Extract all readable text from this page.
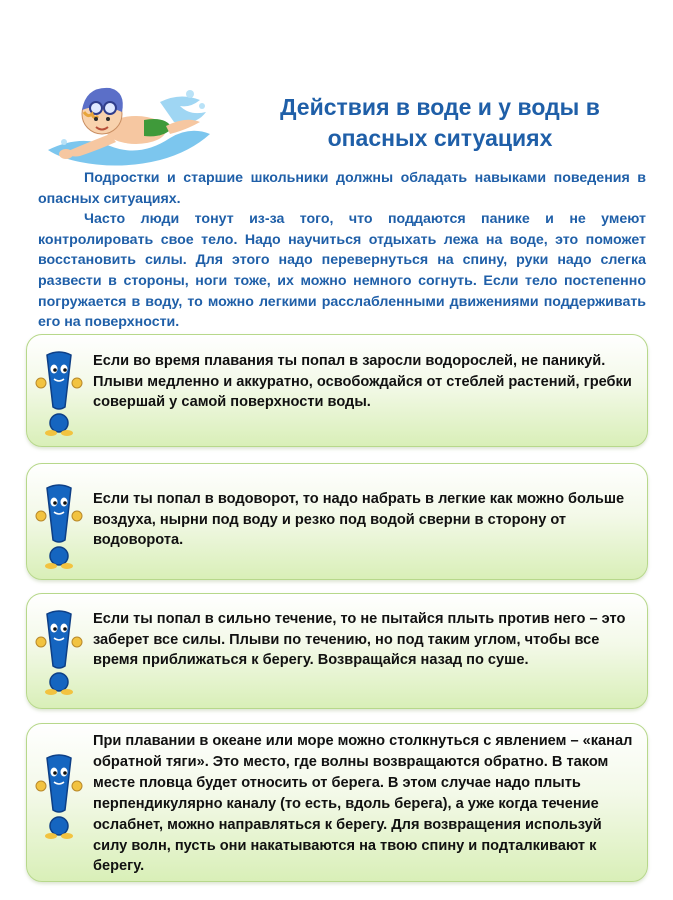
Действия в воде и у воды в опасных ситуациях

Подростки и старшие школьники должны обладать навыками поведения в опасных ситуациях.

Часто люди тонут из-за того, что поддаются панике и не умеют контролировать свое тело. Надо научиться отдыхать лежа на воде, это поможет восстановить силы. Для этого надо перевернуться на спину, руки надо слегка развести в стороны, ноги тоже, их можно немного согнуть. Если тело постепенно погружается в воду, то можно легкими расслабленными движениями поддерживать его на поверхности.

Если во время плавания ты попал в заросли водорослей, не паникуй. Плыви медленно и аккуратно, освобождайся от стеблей растений, гребки совершай у самой поверхности воды.
Если ты попал в водоворот, то надо набрать в легкие как можно больше воздуха, нырни под воду и резко под водой сверни в сторону от водоворота.
Если ты попал в сильно течение, то не пытайся плыть против него – это заберет все силы. Плыви по течению, но под таким углом, чтобы все время приближаться к берегу. Возвращайся назад по суше.
При плавании в океане или море можно столкнуться с явлением – «канал обратной тяги». Это место, где волны возвращаются обратно. В таком месте пловца будет относить от берега. В этом случае надо плыть перпендикулярно каналу (то есть, вдоль берега), а уже когда течение ослабнет, можно направляться к берегу. Для возвращения используй силу волн, пусть они накатываются на твою спину и подталкивают к берегу.
